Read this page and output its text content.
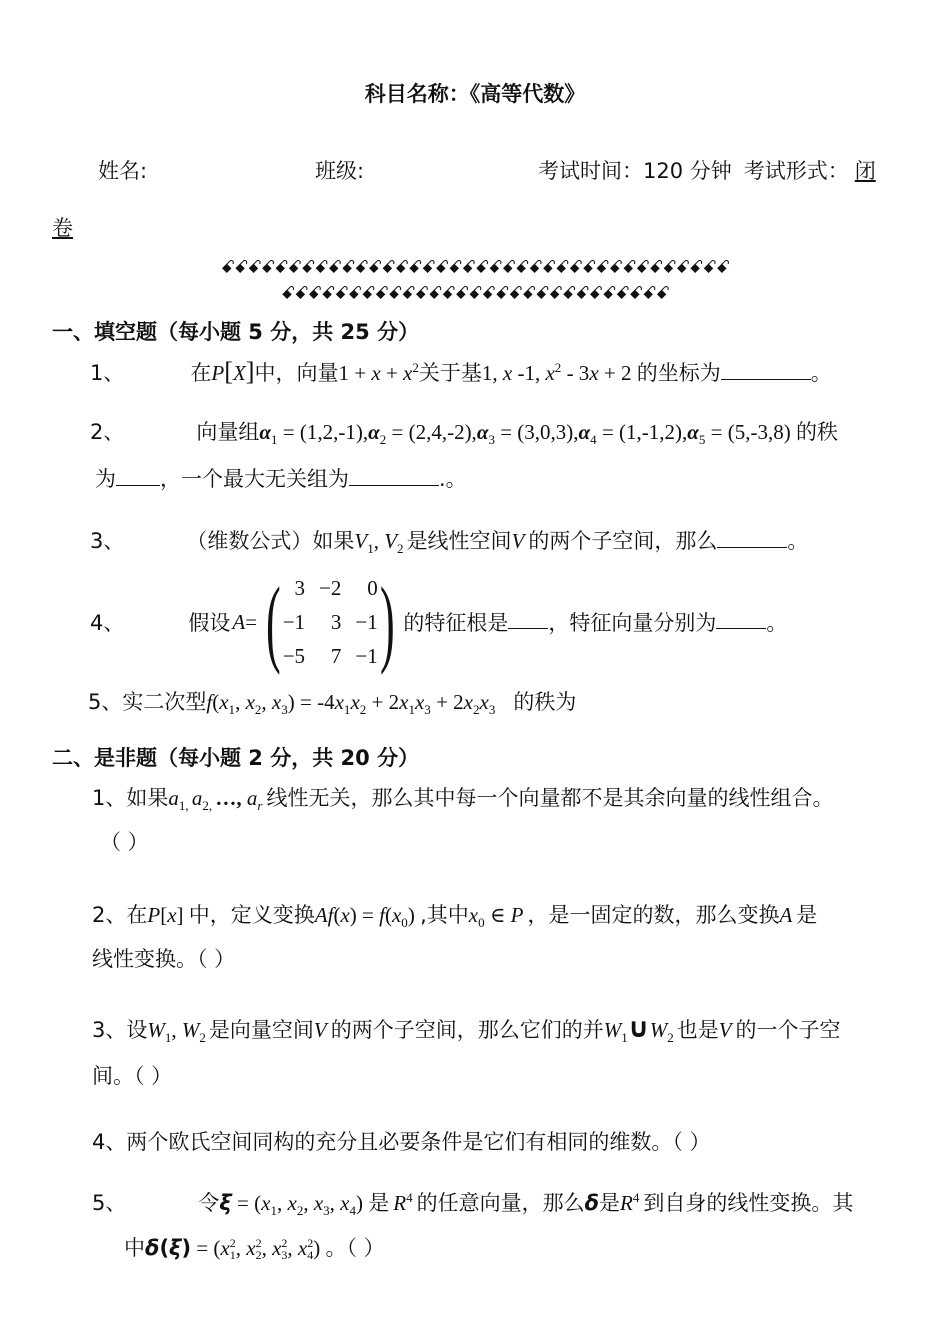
科目名称：《高等代数》
姓名:	班级:	考试时间：120 分钟 考试形式： 闭
卷
ꗃꗃꗃꗃꗃꗃꗃꗃꗃꗃꗃꗃꗃꗃꗃꗃꗃꗃꗃꗃꗃꗃꗃꗃꗃꗃꗃꗃꗃꗃꗃꗃꗃꗃꗃꗃꗃꗃ
ꗃꗃꗃꗃꗃꗃꗃꗃꗃꗃꗃꗃꗃꗃꗃꗃꗃꗃꗃꗃꗃꗃꗃꗃꗃꗃꗃꗃꗃ
一、填空题（每小题 5 分，共 25 分）
1、	在P[X]中，向量$1 + x + x^2$关于基1, x -1, $x^2 - 3x + 2$ 的坐标为	。
2、	向量组$\alpha_1 = (1,2,-1),\alpha_2 = (2,4,-2),\alpha_3 = (3,0,3),\alpha_4 = (1,-1,2),\alpha_5 = (5,-3,8)$ 的秩
为 ，一个最大无关组为	.。
3、	（维数公式）如果$V_1$, $V_2$ 是线性空间V 的两个子空间，那么	。
4、	假设 A = ( 3	−2	0
−1	3	−1
−5	7	−1 ) 的特征根是 ，特征向量分别为 。
5、实二次型$f(x_1$, $x_2$, $x_3) = -4x_1x_2 + 2x_1x_3 + 2x_2x_3$ 的秩为
二、是非题（每小题 2 分，共 20 分）
1、如果$a_{1,}$ $a_{2,}$ …, $a_r$ 线性无关，那么其中每一个向量都不是其余向量的线性组合。
（ ）
2、在P[x] 中，定义变换$Af(x) = f(x_0)$ ,其中$x_0$ ∈ P ，是一固定的数，那么变换A 是
线性变换。（ ）
3、设$W_1$, $W_2$ 是向量空间V 的两个子空间，那么它们的并$W_1\cup W_2$ 也是V 的一个子空
间。（ ）
4、两个欧氏空间同构的充分且必要条件是它们有相同的维数。（ ）
5、	令$\xi = (x_1$, $x_2$, $x_3$, $x_4$) 是 $R^4$ 的任意向量，那么δ是$R^4$ 到自身的线性变换。其
中δ(ξ) = (x 2
1 , x 2
2 , x 2
3 , x 2
4 ) 。（ ）
